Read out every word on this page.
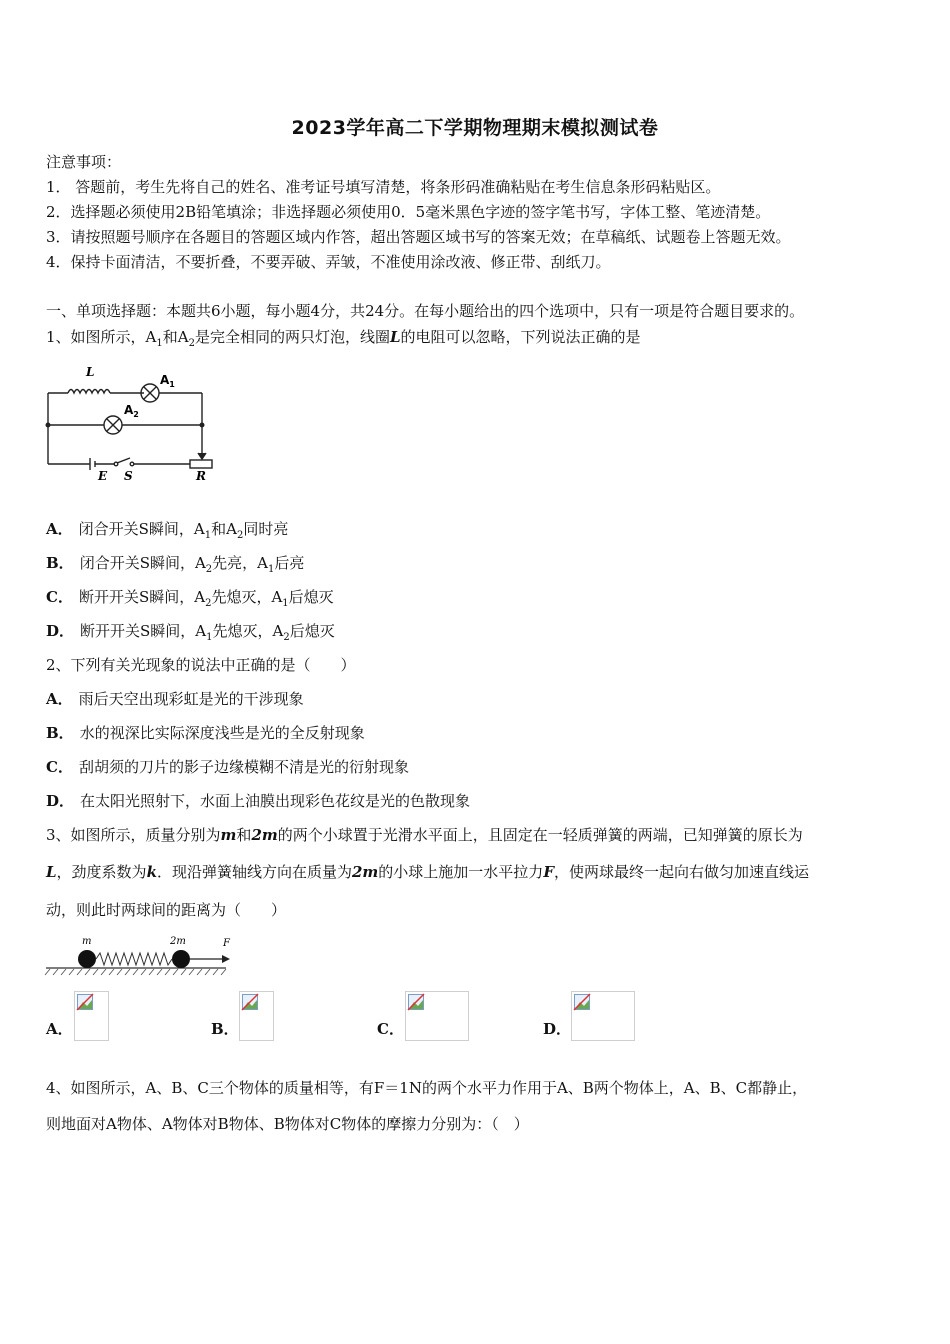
2023学年高二下学期物理期末模拟测试卷
注意事项：
1． 答题前，考生先将自己的姓名、准考证号填写清楚，将条形码准确粘贴在考生信息条形码粘贴区。
2．选择题必须使用2B铅笔填涂；非选择题必须使用0．5毫米黑色字迹的签字笔书写，字体工整、笔迹清楚。
3．请按照题号顺序在各题目的答题区域内作答，超出答题区域书写的答案无效；在草稿纸、试题卷上答题无效。
4．保持卡面清洁，不要折叠，不要弄破、弄皱，不准使用涂改液、修正带、刮纸刀。
一、单项选择题：本题共6小题，每小题4分，共24分。在每小题给出的四个选项中，只有一项是符合题目要求的。
1、如图所示，$A_1$和$A_2$是完全相同的两只灯泡，线圈L的电阻可以忽略，下列说法正确的是
L
$A_1$
$A_2$
E S	R
A． 闭合开关S瞬间，$A_1$和$A_2$同时亮
B． 闭合开关S瞬间，$A_2$先亮，$A_1$后亮
C． 断开开关S瞬间，$A_2$先熄灭，$A_1$后熄灭
D． 断开开关S瞬间，$A_1$先熄灭，$A_2$后熄灭
2、下列有关光现象的说法中正确的是（　　）
A． 雨后天空出现彩虹是光的干涉现象
B． 水的视深比实际深度浅些是光的全反射现象
C． 刮胡须的刀片的影子边缘模糊不清是光的衍射现象
D． 在太阳光照射下，水面上油膜出现彩色花纹是光的色散现象
3、如图所示，质量分别为m和2m的两个小球置于光滑水平面上，且固定在一轻质弹簧的两端，已知弹簧的原长为
L，劲度系数为k．现沿弹簧轴线方向在质量为2m的小球上施加一水平拉力F，使两球最终一起向右做匀加速直线运
动，则此时两球间的距离为（　　）
m	2m	F
A．	B．	C．	D．
4、如图所示，A、B、C三个物体的质量相等，有F＝1N的两个水平力作用于A、B两个物体上，A、B、C都静止，
则地面对A物体、A物体对B物体、B物体对C物体的摩擦力分别为：（　）
